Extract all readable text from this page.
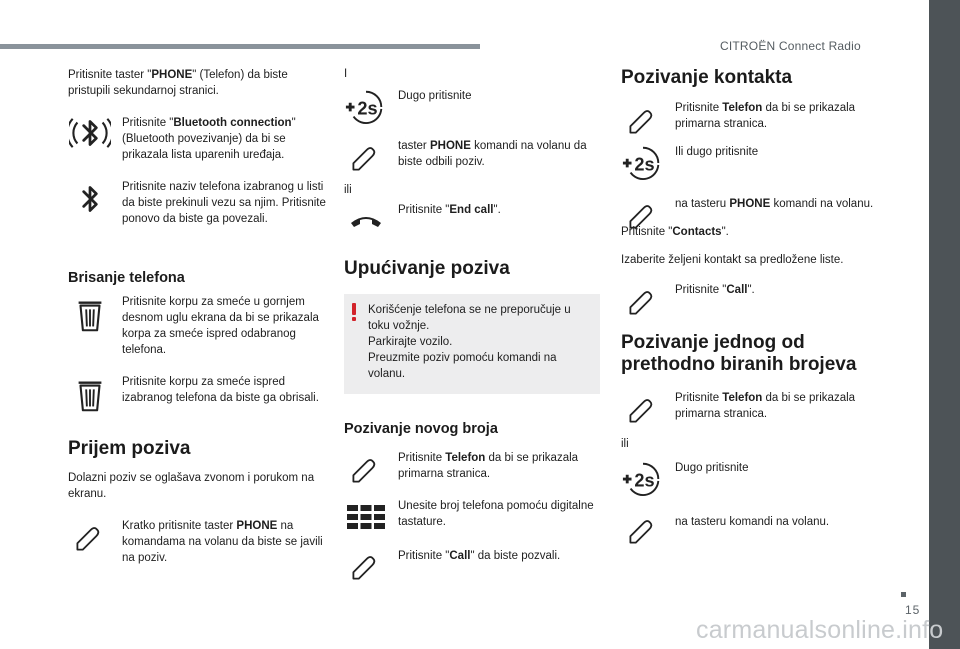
CITROËN Connect Radio
15
carmanualsonline.info

Pritisnite taster "PHONE" (Telefon) da biste pristupili sekundarnoj stranici.

Pritisnite "Bluetooth connection" (Bluetooth povezivanje) da bi se prikazala lista uparenih uređaja.

Pritisnite naziv telefona izabranog u listi da biste prekinuli vezu sa njim. Pritisnite ponovo da biste ga povezali.

Brisanje telefona

Pritisnite korpu za smeće u gornjem desnom uglu ekrana da bi se prikazala korpa za smeće ispred odabranog telefona.

Pritisnite korpu za smeće ispred izabranog telefona da biste ga obrisali.

Prijem poziva

Dolazni poziv se oglašava zvonom i porukom na ekranu.

Kratko pritisnite taster PHONE na komandama na volanu da biste se javili na poziv.

I

2s

Dugo pritisnite

taster PHONE komandi na volanu da biste odbili poziv.

ili

Pritisnite "End call".

Upućivanje poziva

Korišćenje telefona se ne preporučuje u toku vožnje.
Parkirajte vozilo.
Preuzmite poziv pomoću komandi na volanu.

Pozivanje novog broja

Pritisnite Telefon da bi se prikazala primarna stranica.

Unesite broj telefona pomoću digitalne tastature.

Pritisnite "Call" da biste pozvali.

Pozivanje kontakta

Pritisnite Telefon da bi se prikazala primarna stranica.

2s

Ili dugo pritisnite

na tasteru PHONE komandi na volanu.

Pritisnite "Contacts".

Izaberite željeni kontakt sa predložene liste.

Pritisnite "Call".

Pozivanje jednog od prethodno biranih brojeva

Pritisnite Telefon da bi se prikazala primarna stranica.

ili

2s

Dugo pritisnite

na tasteru komandi na volanu.
